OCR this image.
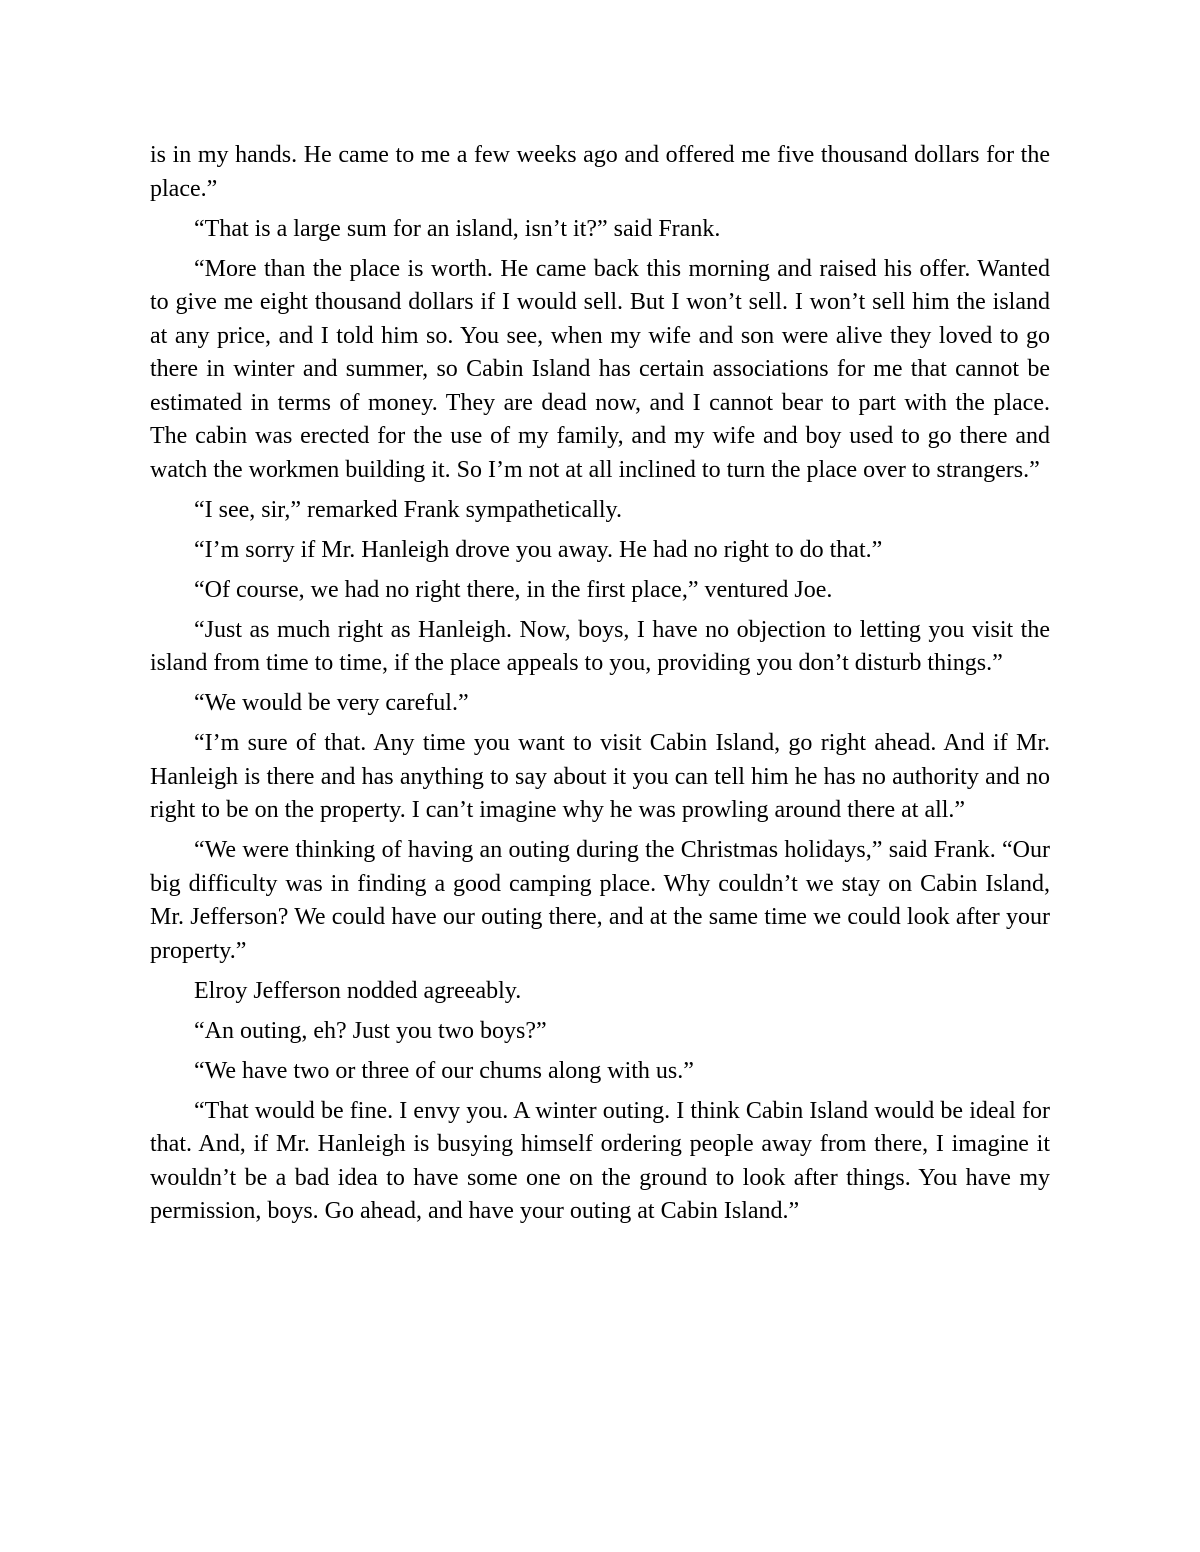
is in my hands. He came to me a few weeks ago and offered me five thousand dollars for the place.”

“That is a large sum for an island, isn’t it?” said Frank.

“More than the place is worth. He came back this morning and raised his offer. Wanted to give me eight thousand dollars if I would sell. But I won’t sell. I won’t sell him the island at any price, and I told him so. You see, when my wife and son were alive they loved to go there in winter and summer, so Cabin Island has certain associations for me that cannot be estimated in terms of money. They are dead now, and I cannot bear to part with the place. The cabin was erected for the use of my family, and my wife and boy used to go there and watch the workmen building it. So I’m not at all inclined to turn the place over to strangers.”

“I see, sir,” remarked Frank sympathetically.

“I’m sorry if Mr. Hanleigh drove you away. He had no right to do that.”

“Of course, we had no right there, in the first place,” ventured Joe.

“Just as much right as Hanleigh. Now, boys, I have no objection to letting you visit the island from time to time, if the place appeals to you, providing you don’t disturb things.”

“We would be very careful.”

“I’m sure of that. Any time you want to visit Cabin Island, go right ahead. And if Mr. Hanleigh is there and has anything to say about it you can tell him he has no authority and no right to be on the property. I can’t imagine why he was prowling around there at all.”

“We were thinking of having an outing during the Christmas holidays,” said Frank. “Our big difficulty was in finding a good camping place. Why couldn’t we stay on Cabin Island, Mr. Jefferson? We could have our outing there, and at the same time we could look after your property.”

Elroy Jefferson nodded agreeably.

“An outing, eh? Just you two boys?”

“We have two or three of our chums along with us.”

“That would be fine. I envy you. A winter outing. I think Cabin Island would be ideal for that. And, if Mr. Hanleigh is busying himself ordering people away from there, I imagine it wouldn’t be a bad idea to have some one on the ground to look after things. You have my permission, boys. Go ahead, and have your outing at Cabin Island.”
